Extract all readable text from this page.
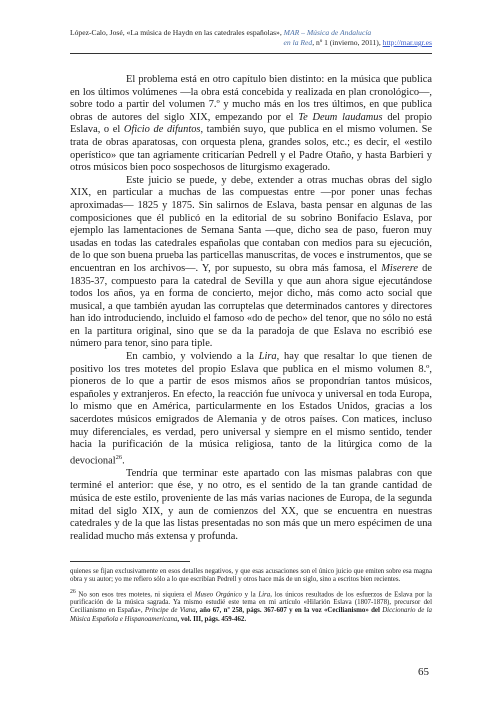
López-Calo, José, «La música de Haydn en las catedrales españolas», MAR – Música de Andalucía
en la Red, nº 1 (invierno, 2011), http://mar.ugr.es

El problema está en otro capítulo bien distinto: en la música que publica en los últimos volúmenes —la obra está concebida y realizada en plan cronológico—, sobre todo a partir del volumen 7.º y mucho más en los tres últimos, en que publica obras de autores del siglo XIX, empezando por el Te Deum laudamus del propio Eslava, o el Oficio de difuntos, también suyo, que publica en el mismo volumen. Se trata de obras aparatosas, con orquesta plena, grandes solos, etc.; es decir, el «estilo operístico» que tan agriamente criticarían Pedrell y el Padre Otaño, y hasta Barbieri y otros músicos bien poco sospechosos de liturgismo exagerado.

Este juicio se puede, y debe, extender a otras muchas obras del siglo XIX, en particular a muchas de las compuestas entre —por poner unas fechas aproximadas— 1825 y 1875. Sin salirnos de Eslava, basta pensar en algunas de las composiciones que él publicó en la editorial de su sobrino Bonifacio Eslava, por ejemplo las lamentaciones de Semana Santa —que, dicho sea de paso, fueron muy usadas en todas las catedrales españolas que contaban con medios para su ejecución, de lo que son buena prueba las particellas manuscritas, de voces e instrumentos, que se encuentran en los archivos—. Y, por supuesto, su obra más famosa, el Miserere de 1835-37, compuesto para la catedral de Sevilla y que aun ahora sigue ejecutándose todos los años, ya en forma de concierto, mejor dicho, más como acto social que musical, a que también ayudan las corruptelas que determinados cantores y directores han ido introduciendo, incluido el famoso «do de pecho» del tenor, que no sólo no está en la partitura original, sino que se da la paradoja de que Eslava no escribió ese número para tenor, sino para tiple.

En cambio, y volviendo a la Lira, hay que resaltar lo que tienen de positivo los tres motetes del propio Eslava que publica en el mismo volumen 8.º, pioneros de lo que a partir de esos mismos años se propondrían tantos músicos, españoles y extranjeros. En efecto, la reacción fue unívoca y universal en toda Europa, lo mismo que en América, particularmente en los Estados Unidos, gracias a los sacerdotes músicos emigrados de Alemania y de otros países. Con matices, incluso muy diferenciales, es verdad, pero universal y siempre en el mismo sentido, tender hacia la purificación de la música religiosa, tanto de la litúrgica como de la devocional$^{26}$.

Tendría que terminar este apartado con las mismas palabras con que terminé el anterior: que ése, y no otro, es el sentido de la tan grande cantidad de música de este estilo, proveniente de las más varias naciones de Europa, de la segunda mitad del siglo XIX, y aun de comienzos del XX, que se encuentra en nuestras catedrales y de la que las listas presentadas no son más que un mero espécimen de una realidad mucho más extensa y profunda.

quienes se fijan exclusivamente en esos detalles negativos, y que esas acusaciones son el único juicio que emiten sobre esa magna obra y su autor; yo me refiero sólo a lo que escribían Pedrell y otros hace más de un siglo, sino a escritos bien recientes.

$^{26}$ No son esos tres motetes, ni siquiera el Museo Orgánico y la Lira, los únicos resultados de los esfuerzos de Eslava por la purificación de la música sagrada. Ya mismo estudié este tema en mi artículo «Hilarión Eslava (1807-1878), precursor del Cecilianismo en España», Príncipe de Viana, año 67, nº 258, págs. 367-607 y en la voz «Cecilianismo» del Diccionario de la Música Española e Hispanoamericana, vol. III, págs. 459-462.

65
